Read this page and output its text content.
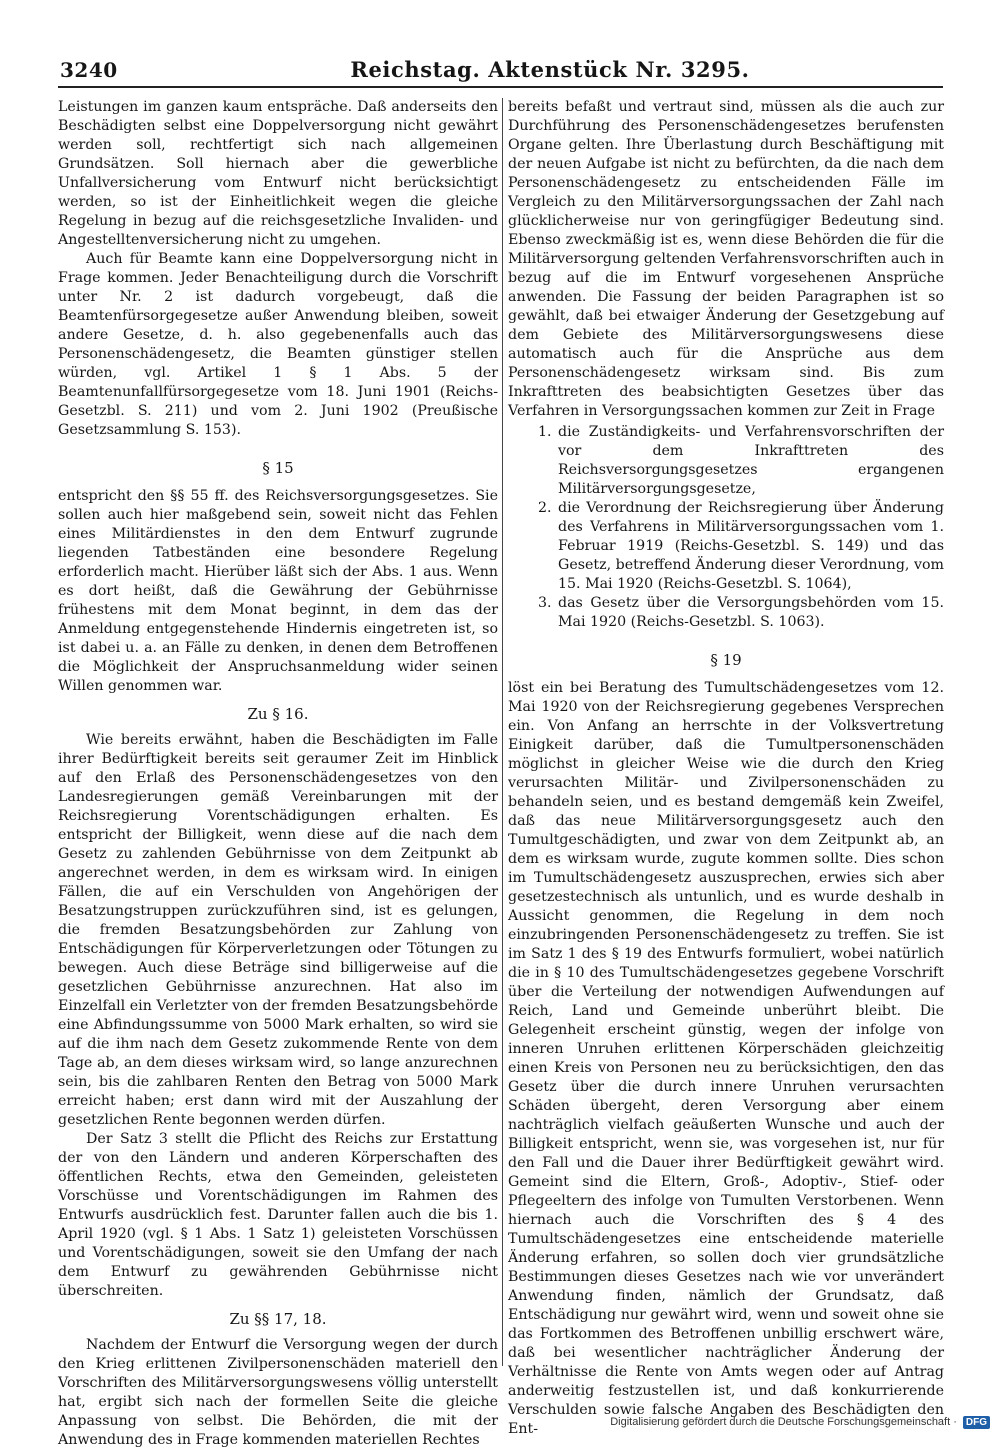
3240	Reichstag. Aktenstück Nr. 3295.

Leistungen im ganzen kaum entspräche. Daß anderseits den Beschädigten selbst eine Doppelversorgung nicht gewährt werden soll, rechtfertigt sich nach allgemeinen Grundsätzen. Soll hiernach aber die gewerbliche Unfallversicherung vom Entwurf nicht berücksichtigt werden, so ist der Einheitlichkeit wegen die gleiche Regelung in bezug auf die reichsgesetzliche Invaliden- und Angestelltenversicherung nicht zu umgehen.

Auch für Beamte kann eine Doppelversorgung nicht in Frage kommen. Jeder Benachteiligung durch die Vorschrift unter Nr. 2 ist dadurch vorgebeugt, daß die Beamtenfürsorgegesetze außer Anwendung bleiben, soweit andere Gesetze, d. h. also gegebenenfalls auch das Personenschädengesetz, die Beamten günstiger stellen würden, vgl. Artikel 1 § 1 Abs. 5 der Beamtenunfallfürsorgegesetze vom 18. Juni 1901 (Reichs-Gesetzbl. S. 211) und vom 2. Juni 1902 (Preußische Gesetzsammlung S. 153).

§ 15

entspricht den §§ 55 ff. des Reichsversorgungsgesetzes. Sie sollen auch hier maßgebend sein, soweit nicht das Fehlen eines Militärdienstes in den dem Entwurf zugrunde liegenden Tatbeständen eine besondere Regelung erforderlich macht. Hierüber läßt sich der Abs. 1 aus. Wenn es dort heißt, daß die Gewährung der Gebührnisse frühestens mit dem Monat beginnt, in dem das der Anmeldung entgegenstehende Hindernis eingetreten ist, so ist dabei u. a. an Fälle zu denken, in denen dem Betroffenen die Möglichkeit der Anspruchsanmeldung wider seinen Willen genommen war.

Zu § 16.

Wie bereits erwähnt, haben die Beschädigten im Falle ihrer Bedürftigkeit bereits seit geraumer Zeit im Hinblick auf den Erlaß des Personenschädengesetzes von den Landesregierungen gemäß Vereinbarungen mit der Reichsregierung Vorentschädigungen erhalten. Es entspricht der Billigkeit, wenn diese auf die nach dem Gesetz zu zahlenden Gebührnisse von dem Zeitpunkt ab angerechnet werden, in dem es wirksam wird. In einigen Fällen, die auf ein Verschulden von Angehörigen der Besatzungstruppen zurückzuführen sind, ist es gelungen, die fremden Besatzungsbehörden zur Zahlung von Entschädigungen für Körperverletzungen oder Tötungen zu bewegen. Auch diese Beträge sind billigerweise auf die gesetzlichen Gebührnisse anzurechnen. Hat also im Einzelfall ein Verletzter von der fremden Besatzungsbehörde eine Abfindungssumme von 5000 Mark erhalten, so wird sie auf die ihm nach dem Gesetz zukommende Rente von dem Tage ab, an dem dieses wirksam wird, so lange anzurechnen sein, bis die zahlbaren Renten den Betrag von 5000 Mark erreicht haben; erst dann wird mit der Auszahlung der gesetzlichen Rente begonnen werden dürfen.

Der Satz 3 stellt die Pflicht des Reichs zur Erstattung der von den Ländern und anderen Körperschaften des öffentlichen Rechts, etwa den Gemeinden, geleisteten Vorschüsse und Vorentschädigungen im Rahmen des Entwurfs ausdrücklich fest. Darunter fallen auch die bis 1. April 1920 (vgl. § 1 Abs. 1 Satz 1) geleisteten Vorschüssen und Vorentschädigungen, soweit sie den Umfang der nach dem Entwurf zu gewährenden Gebührnisse nicht überschreiten.

Zu §§ 17, 18.

Nachdem der Entwurf die Versorgung wegen der durch den Krieg erlittenen Zivilpersonenschäden materiell den Vorschriften des Militärversorgungswesens völlig unterstellt hat, ergibt sich nach der formellen Seite die gleiche Anpassung von selbst. Die Behörden, die mit der Anwendung des in Frage kommenden materiellen Rechtes

bereits befaßt und vertraut sind, müssen als die auch zur Durchführung des Personenschädengesetzes berufensten Organe gelten. Ihre Überlastung durch Beschäftigung mit der neuen Aufgabe ist nicht zu befürchten, da die nach dem Personenschädengesetz zu entscheidenden Fälle im Vergleich zu den Militärversorgungssachen der Zahl nach glücklicherweise nur von geringfügiger Bedeutung sind. Ebenso zweckmäßig ist es, wenn diese Behörden die für die Militärversorgung geltenden Verfahrensvorschriften auch in bezug auf die im Entwurf vorgesehenen Ansprüche anwenden. Die Fassung der beiden Paragraphen ist so gewählt, daß bei etwaiger Änderung der Gesetzgebung auf dem Gebiete des Militärversorgungswesens diese automatisch auch für die Ansprüche aus dem Personenschädengesetz wirksam sind. Bis zum Inkrafttreten des beabsichtigten Gesetzes über das Verfahren in Versorgungssachen kommen zur Zeit in Frage

1. die Zuständigkeits- und Verfahrensvorschriften der vor dem Inkrafttreten des Reichsversorgungsgesetzes ergangenen Militärversorgungsgesetze,
2. die Verordnung der Reichsregierung über Änderung des Verfahrens in Militärversorgungssachen vom 1. Februar 1919 (Reichs-Gesetzbl. S. 149) und das Gesetz, betreffend Änderung dieser Verordnung, vom 15. Mai 1920 (Reichs-Gesetzbl. S. 1064),
3. das Gesetz über die Versorgungsbehörden vom 15. Mai 1920 (Reichs-Gesetzbl. S. 1063).
§ 19

löst ein bei Beratung des Tumultschädengesetzes vom 12. Mai 1920 von der Reichsregierung gegebenes Versprechen ein. Von Anfang an herrschte in der Volksvertretung Einigkeit darüber, daß die Tumultpersonenschäden möglichst in gleicher Weise wie die durch den Krieg verursachten Militär- und Zivilpersonenschäden zu behandeln seien, und es bestand demgemäß kein Zweifel, daß das neue Militärversorgungsgesetz auch den Tumultgeschädigten, und zwar von dem Zeitpunkt ab, an dem es wirksam wurde, zugute kommen sollte. Dies schon im Tumultschädengesetz auszusprechen, erwies sich aber gesetzestechnisch als untunlich, und es wurde deshalb in Aussicht genommen, die Regelung in dem noch einzubringenden Personenschädengesetz zu treffen. Sie ist im Satz 1 des § 19 des Entwurfs formuliert, wobei natürlich die in § 10 des Tumultschädengesetzes gegebene Vorschrift über die Verteilung der notwendigen Aufwendungen auf Reich, Land und Gemeinde unberührt bleibt. Die Gelegenheit erscheint günstig, wegen der infolge von inneren Unruhen erlittenen Körperschäden gleichzeitig einen Kreis von Personen neu zu berücksichtigen, den das Gesetz über die durch innere Unruhen verursachten Schäden übergeht, deren Versorgung aber einem nachträglich vielfach geäußerten Wunsche und auch der Billigkeit entspricht, wenn sie, was vorgesehen ist, nur für den Fall und die Dauer ihrer Bedürftigkeit gewährt wird. Gemeint sind die Eltern, Groß-, Adoptiv-, Stief- oder Pflegeeltern des infolge von Tumulten Verstorbenen. Wenn hiernach auch die Vorschriften des § 4 des Tumultschädengesetzes eine entscheidende materielle Änderung erfahren, so sollen doch vier grundsätzliche Bestimmungen dieses Gesetzes nach wie vor unverändert Anwendung finden, nämlich der Grundsatz, daß Entschädigung nur gewährt wird, wenn und soweit ohne sie das Fortkommen des Betroffenen unbillig erschwert wäre, daß bei wesentlicher nachträglicher Änderung der Verhältnisse die Rente von Amts wegen oder auf Antrag anderweitig festzustellen ist, und daß konkurrierende Verschulden sowie falsche Angaben des Beschädigten den Ent-	Digitalisierung gefördert durch die Deutsche Forschungsgemeinschaft · DFG
